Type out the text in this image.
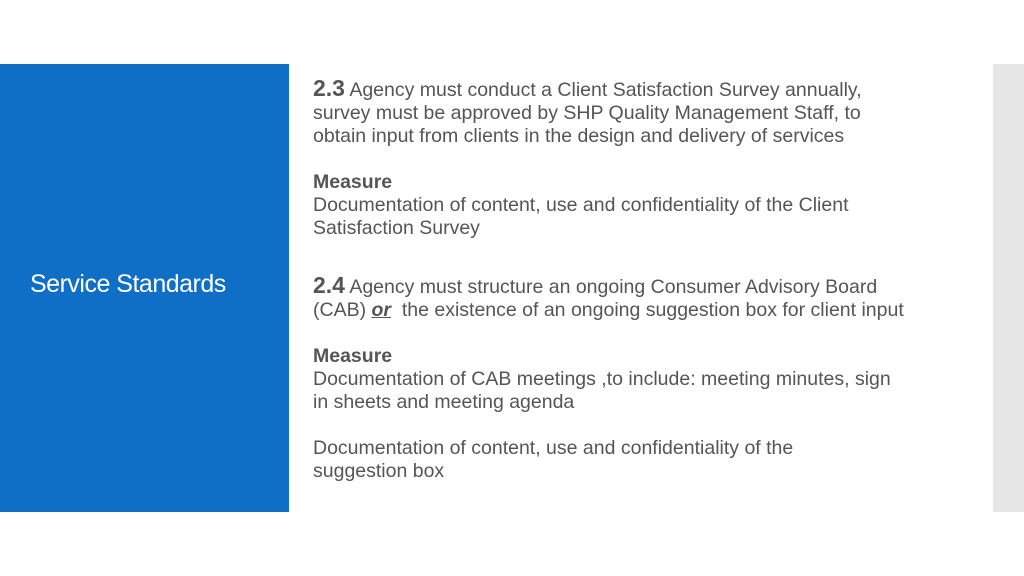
Service Standards

2.3 Agency must conduct a Client Satisfaction Survey annually,

survey must be approved by SHP Quality Management Staff, to

obtain input from clients in the design and delivery of services

Measure

Documentation of content, use and confidentiality of the Client

Satisfaction Survey

2.4 Agency must structure an ongoing Consumer Advisory Board

(CAB) or  the existence of an ongoing suggestion box for client input

Measure

Documentation of CAB meetings ,to include: meeting minutes, sign

in sheets and meeting agenda

Documentation of content, use and confidentiality of the

suggestion box
